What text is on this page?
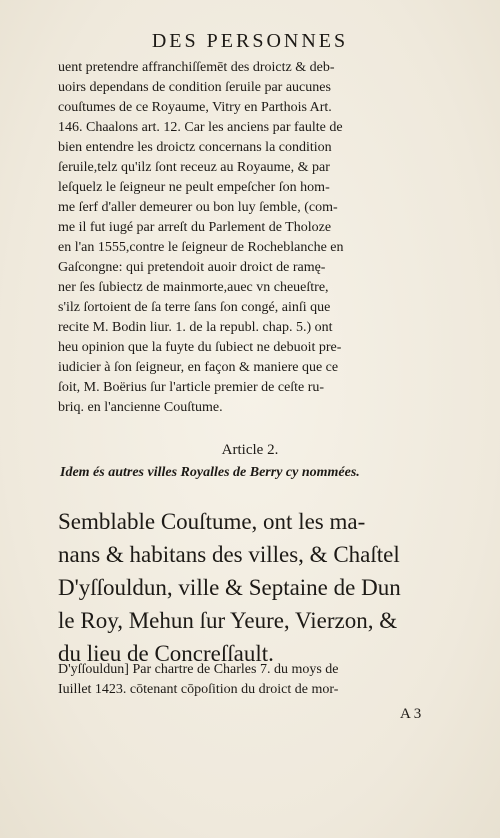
DES PERSONNES
uent pretendre affranchiſſemēt des droictz & deb-
uoirs dependans de condition ſeruile par aucunes
couſtumes de ce Royaume, Vitry en Parthois Art.
146. Chaalons art. 12. Car les anciens par faulte de
bien entendre les droictz concernans la condition
ſeruile,telz qu'ilz ſont receuz au Royaume, & par
leſquelz le ſeigneur ne peult empeſcher ſon hom-
me ſerf d'aller demeurer ou bon luy ſemble, (com-
me il fut iugé par arreſt du Parlement de Tholoze
en l'an 1555,contre le ſeigneur de Rocheblanche en
Gaſcongne: qui pretendoit auoir droict de ramę-
ner ſes ſubiectz de mainmorte,auec vn cheueſtre,
s'ilz ſortoient de ſa terre ſans ſon congé, ainſi que
recite M. Bodin liur. 1. de la republ. chap. 5.) ont
heu opinion que la fuyte du ſubiect ne debuoit pre-
iudicier à ſon ſeigneur, en façon & maniere que ce
ſoit, M. Boërius ſur l'article premier de ceſte ru-
briq. en l'ancienne Couſtume.
Article 2.
Idem és autres villes Royalles de Berry cy nommées.
Semblable Couſtume, ont les ma-
nans & habitans des villes, & Chaſtel
D'yſſouldun, ville & Septaine de Dun
le Roy, Mehun ſur Yeure, Vierzon, &
du lieu de Concreſſault.
D'yſſouldun] Par chartre de Charles 7. du moys de
Iuillet 1423. cōtenant cōpoſition du droict de mor-
A 3
